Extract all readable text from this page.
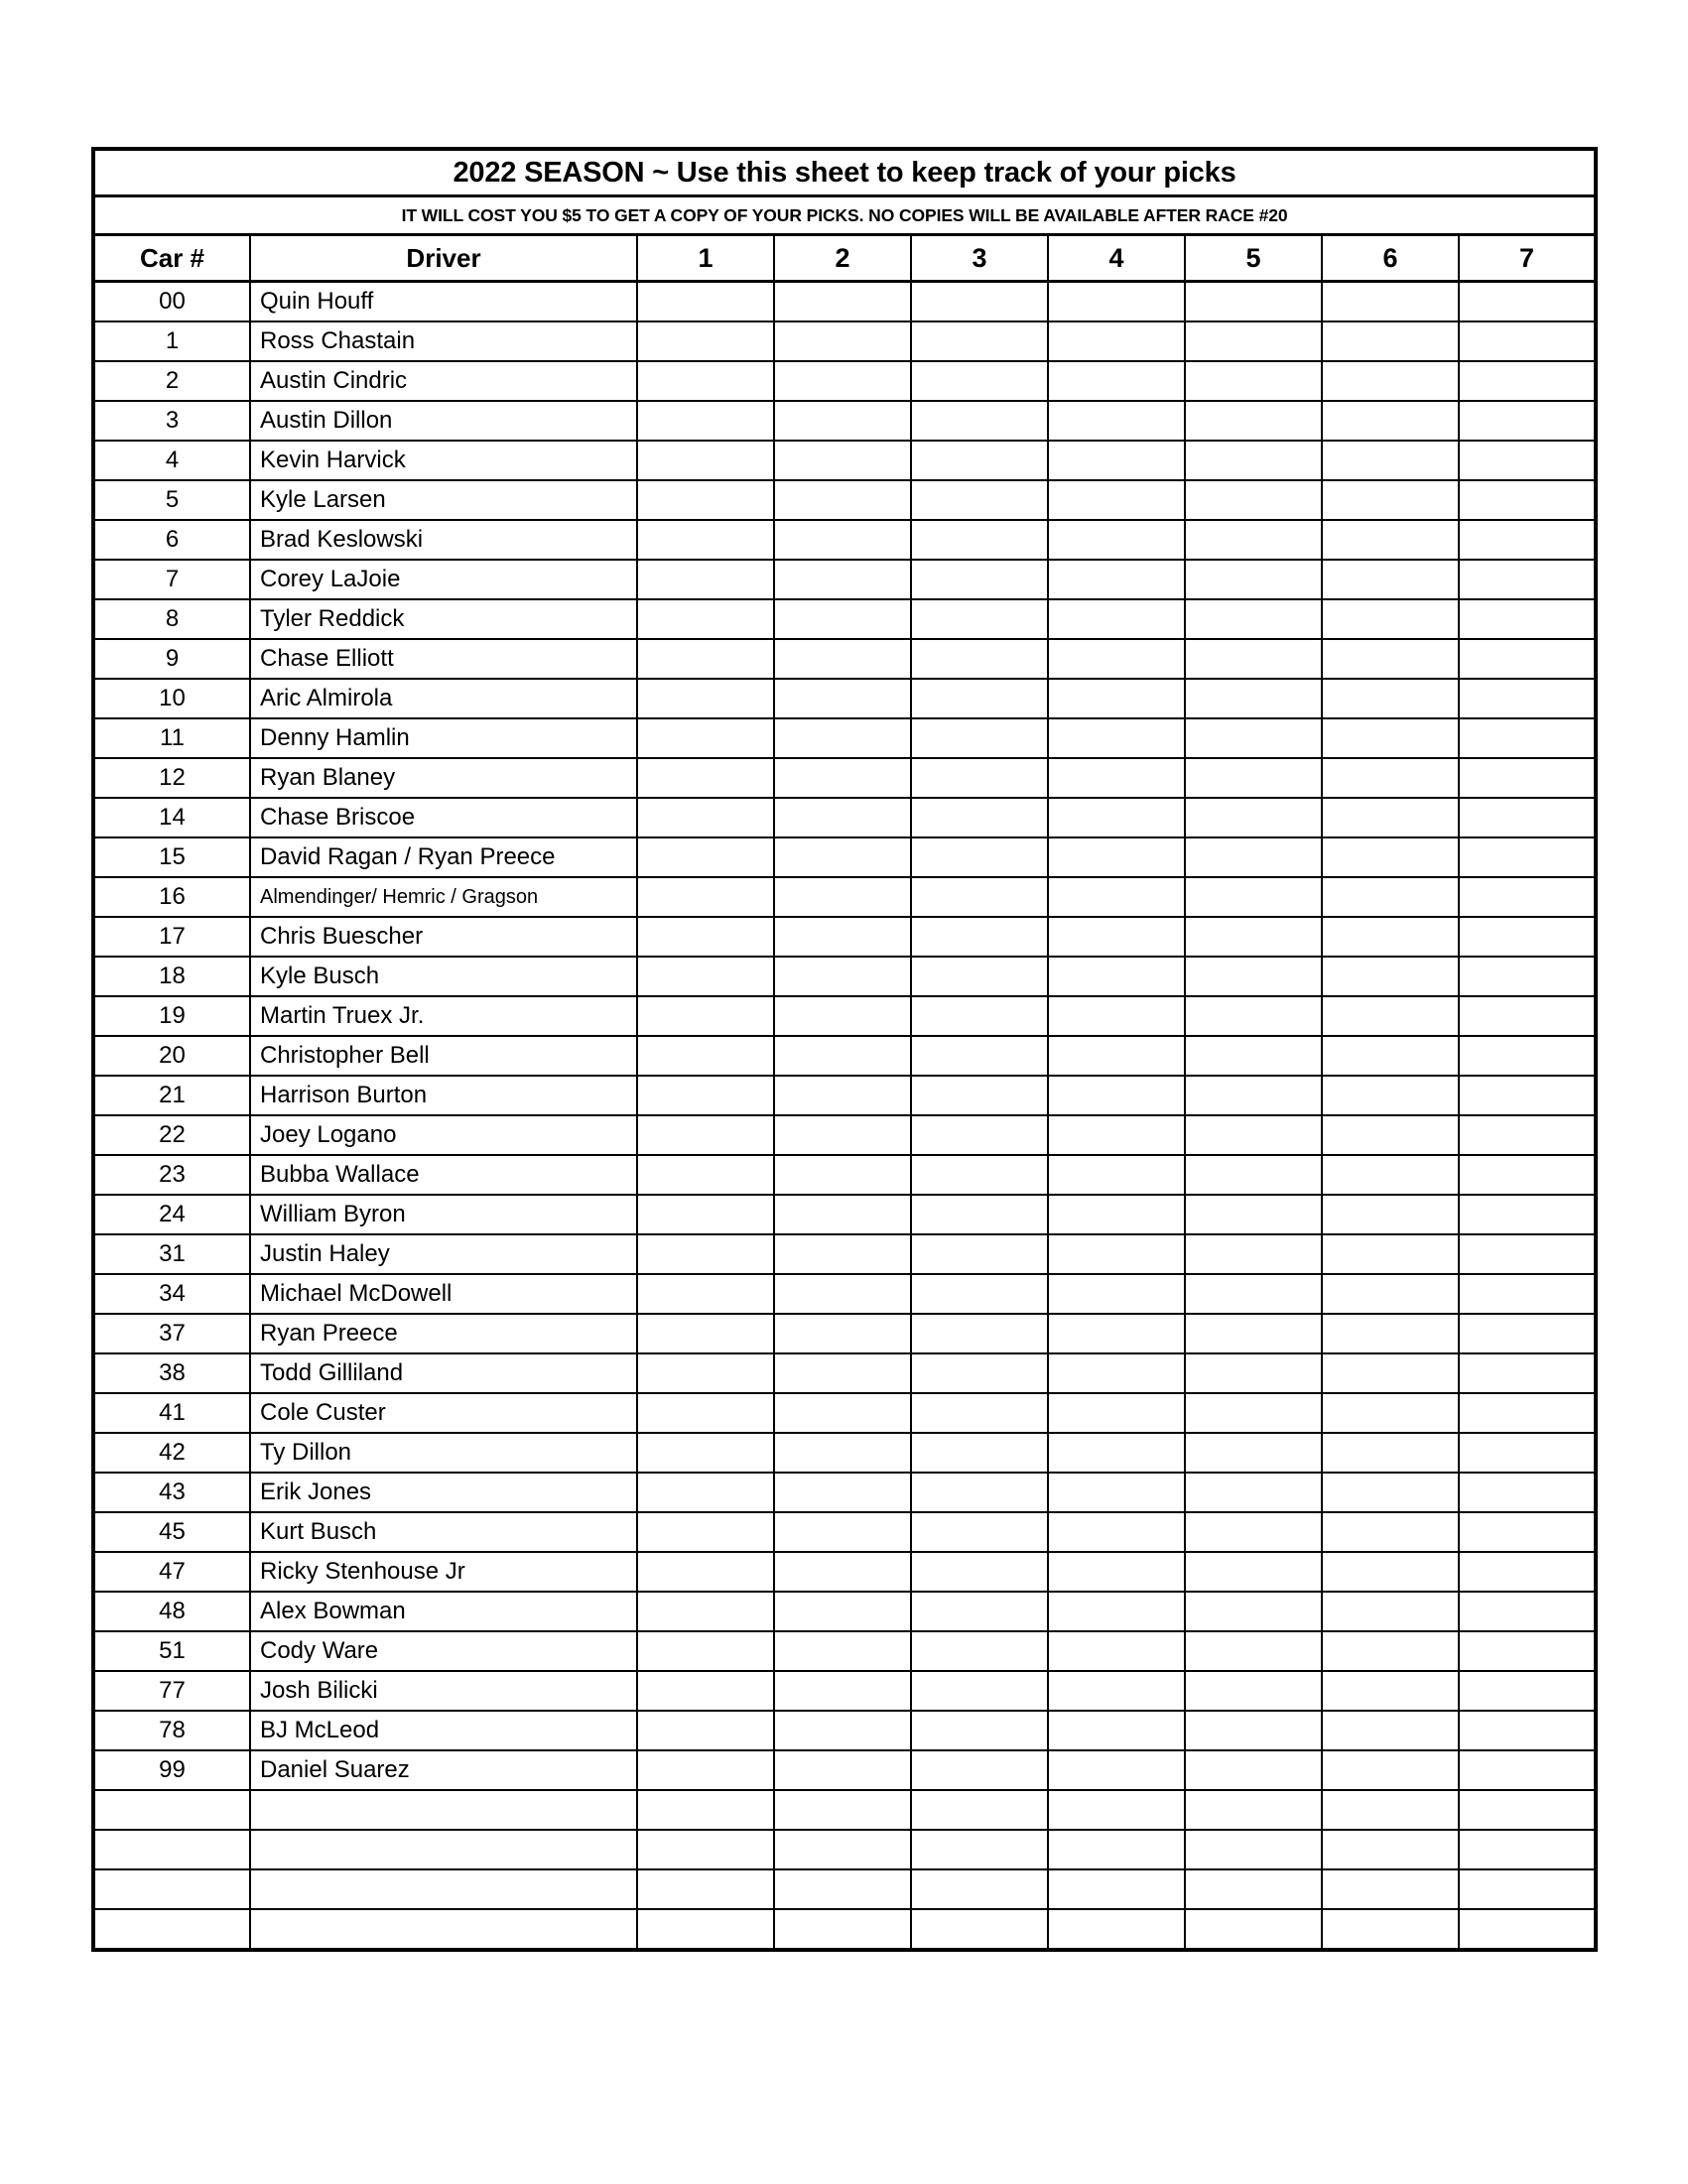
2022 SEASON ~ Use this sheet to keep track of your picks								
IT WILL COST YOU $5 TO GET A COPY OF YOUR PICKS. NO COPIES WILL BE AVAILABLE AFTER RACE #20								
Car #	Driver	1	2	3	4	5	6	7
00	Quin Houff							
1	Ross Chastain							
2	Austin Cindric							
3	Austin Dillon							
4	Kevin Harvick							
5	Kyle Larsen							
6	Brad Keslowski							
7	Corey LaJoie							
8	Tyler Reddick							
9	Chase Elliott							
10	Aric Almirola							
11	Denny Hamlin							
12	Ryan Blaney							
14	Chase Briscoe							
15	David Ragan / Ryan Preece							
16	Almendinger/ Hemric / Gragson							
17	Chris Buescher							
18	Kyle Busch							
19	Martin Truex Jr.							
20	Christopher Bell							
21	Harrison Burton							
22	Joey Logano							
23	Bubba Wallace							
24	William Byron							
31	Justin Haley							
34	Michael McDowell							
37	Ryan Preece							
38	Todd Gilliland							
41	Cole Custer							
42	Ty Dillon							
43	Erik Jones							
45	Kurt Busch							
47	Ricky Stenhouse Jr							
48	Alex Bowman							
51	Cody Ware							
77	Josh Bilicki							
78	BJ McLeod							
99	Daniel Suarez							
